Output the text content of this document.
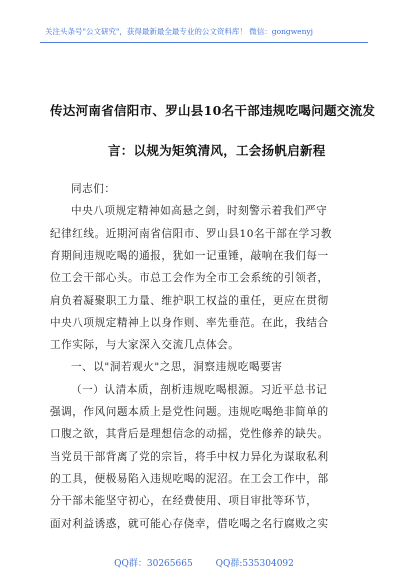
关注头条号"公文研究"，获得最新最全最专业的公文资料库！ 微信：gongwenyj
传达河南省信阳市、罗山县10名干部违规吃喝问题交流发
言：以规为矩筑清风，工会扬帆启新程
同志们：
中央八项规定精神如高悬之剑，时刻警示着我们严守
纪律红线。近期河南省信阳市、罗山县10名干部在学习教
育期间违规吃喝的通报，犹如一记重锤，敲响在我们每一
位工会干部心头。市总工会作为全市工会系统的引领者，
肩负着凝聚职工力量、维护职工权益的重任，更应在贯彻
中央八项规定精神上以身作则、率先垂范。在此，我结合
工作实际，与大家深入交流几点体会。
一、以"洞若观火"之思，洞察违规吃喝要害
（一）认清本质，剖析违规吃喝根源。习近平总书记
强调，作风问题本质上是党性问题。违规吃喝绝非简单的
口腹之欲，其背后是理想信念的动摇，党性修养的缺失。
当党员干部背离了党的宗旨，将手中权力异化为谋取私利
的工具，便极易陷入违规吃喝的泥沼。在工会工作中，部
分干部未能坚守初心，在经费使用、项目审批等环节，
面对利益诱惑，就可能心存侥幸，借吃喝之名行腐败之实
QQ群：30265665	QQ群:535304092
